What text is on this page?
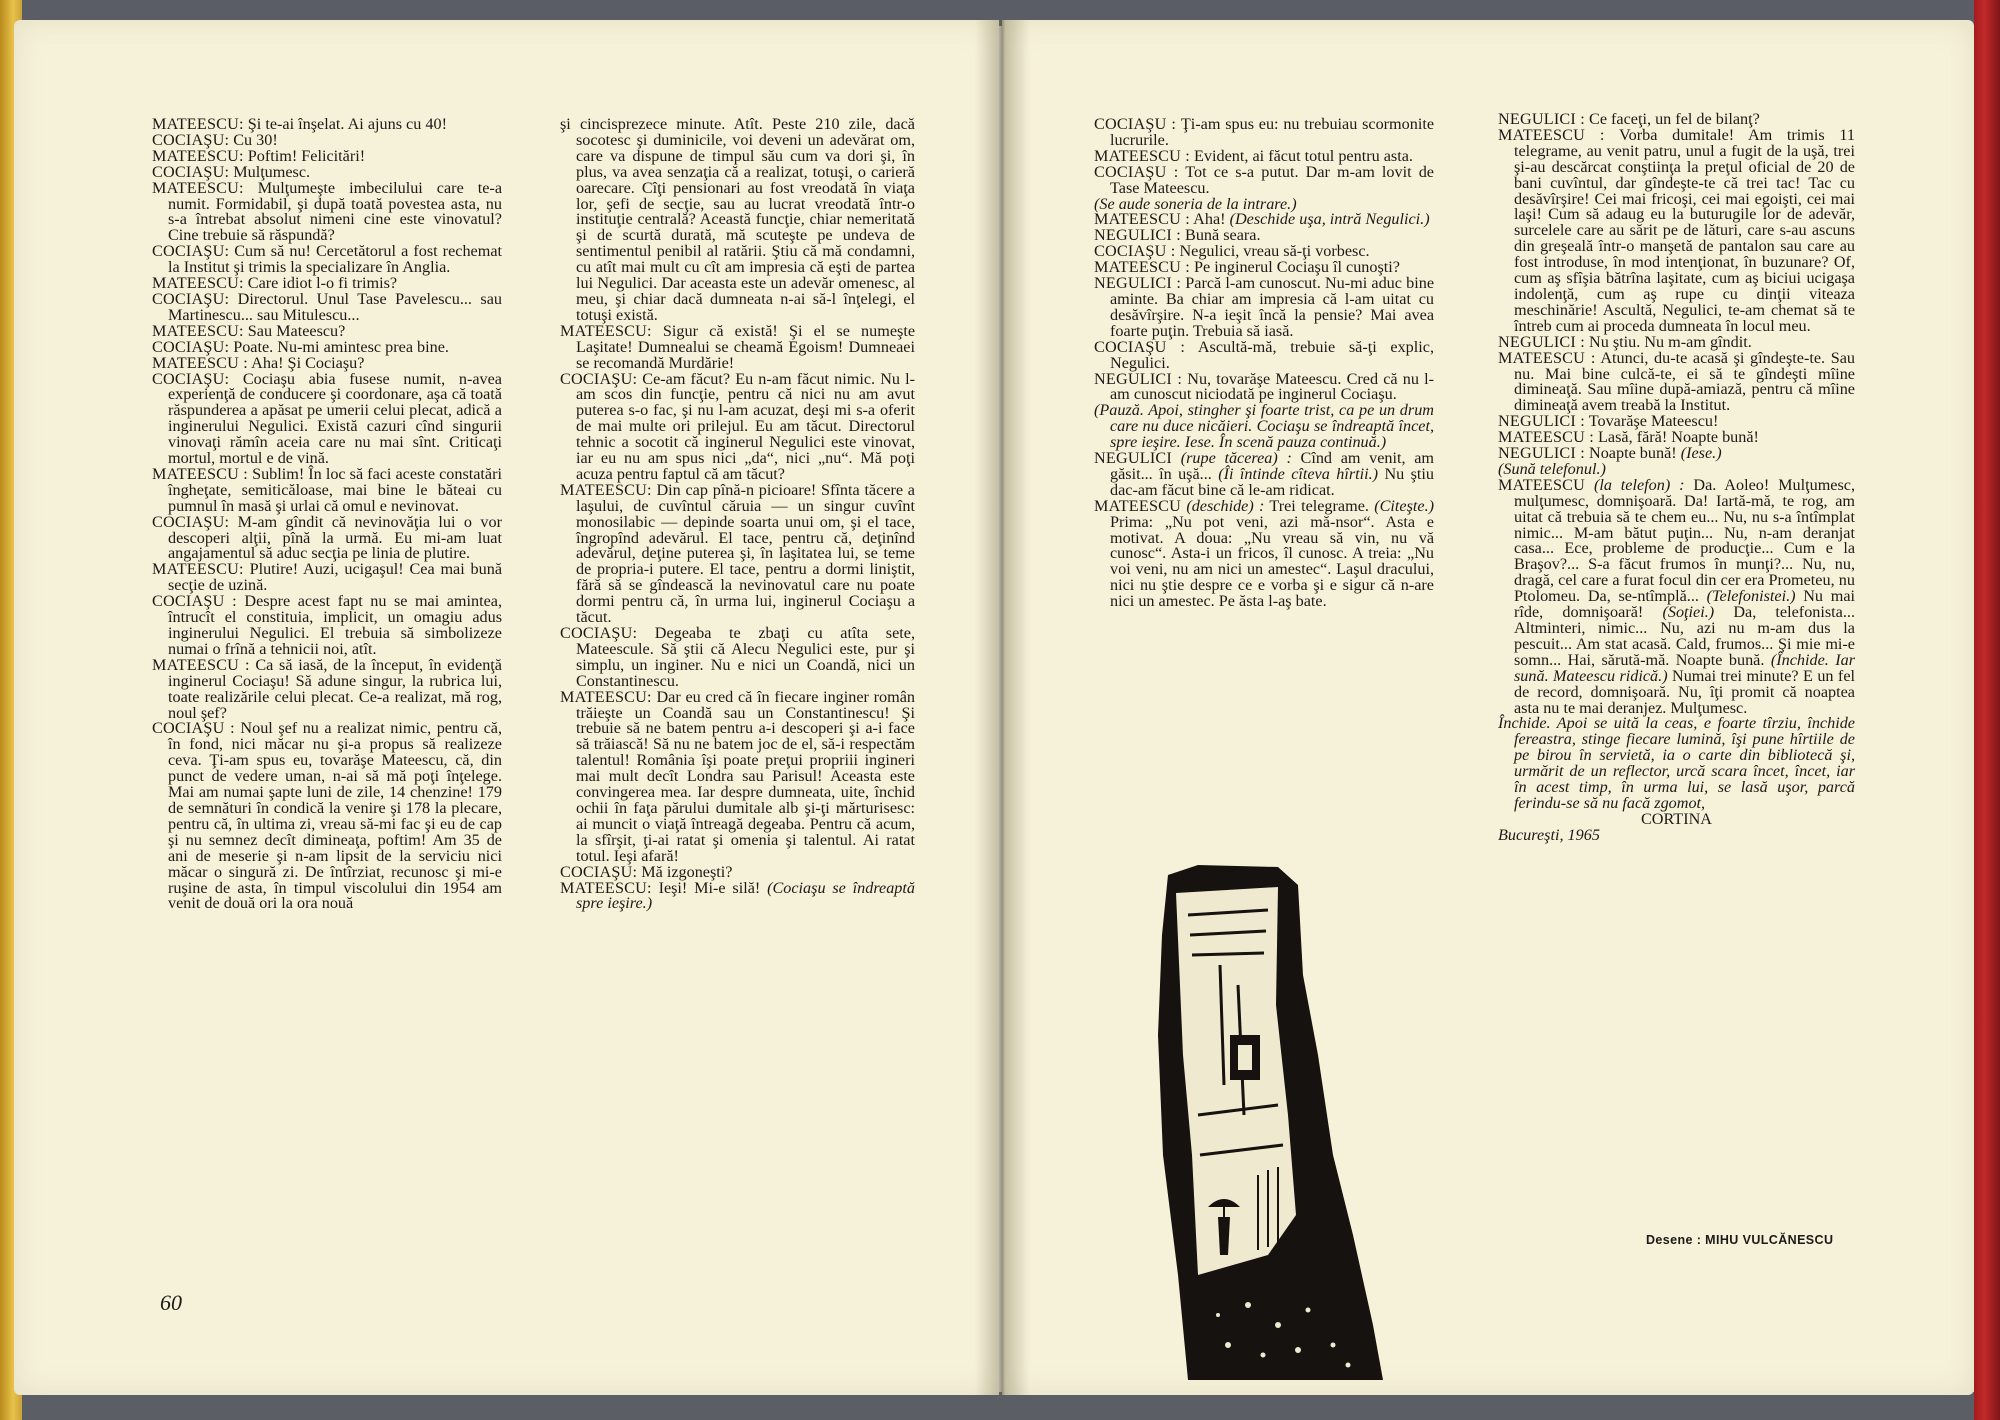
MATEESCU: Şi te-ai înşelat. Ai ajuns cu 40!

COCIAŞU: Cu 30!

MATEESCU: Poftim! Felicitări!

COCIAŞU: Mulţumesc.

MATEESCU: Mulţumeşte imbecilului care te-a numit. Formidabil, şi după toată povestea asta, nu s-a întrebat absolut nimeni cine este vinovatul? Cine trebuie să răspundă?

COCIAŞU: Cum să nu! Cercetătorul a fost rechemat la Institut şi trimis la specializare în Anglia.

MATEESCU: Care idiot l-o fi trimis?

COCIAŞU: Directorul. Unul Tase Pavelescu... sau Martinescu... sau Mitulescu...

MATEESCU: Sau Mateescu?

COCIAŞU: Poate. Nu-mi amintesc prea bine.

MATEESCU : Aha! Şi Cociaşu?

COCIAŞU: Cociaşu abia fusese numit, n-avea experienţă de conducere şi coordonare, aşa că toată răspunderea a apăsat pe umerii celui plecat, adică a inginerului Negulici. Există cazuri cînd singurii vinovaţi rămîn aceia care nu mai sînt. Criticaţi mortul, mortul e de vină.

MATEESCU : Sublim! În loc să faci aceste constatări îngheţate, semiticăloase, mai bine le băteai cu pumnul în masă şi urlai că omul e nevinovat.

COCIAŞU: M-am gîndit că nevinovăţia lui o vor descoperi alţii, pînă la urmă. Eu mi-am luat angajamentul să aduc secţia pe linia de plutire.

MATEESCU: Plutire! Auzi, ucigaşul! Cea mai bună secţie de uzină.

COCIAŞU : Despre acest fapt nu se mai amintea, întrucît el constituia, implicit, un omagiu adus inginerului Negulici. El trebuia să simbolizeze numai o frînă a tehnicii noi, atît.

MATEESCU : Ca să iasă, de la început, în evidenţă inginerul Cociaşu! Să adune singur, la rubrica lui, toate realizările celui plecat. Ce-a realizat, mă rog, noul şef?

COCIAŞU : Noul şef nu a realizat nimic, pentru că, în fond, nici măcar nu şi-a propus să realizeze ceva. Ţi-am spus eu, tovarăşe Mateescu, că, din punct de vedere uman, n-ai să mă poţi înţelege. Mai am numai şapte luni de zile, 14 chenzine! 179 de semnături în condică la venire şi 178 la plecare, pentru că, în ultima zi, vreau să-mi fac şi eu de cap şi nu semnez decît dimineaţa, poftim! Am 35 de ani de meserie şi n-am lipsit de la serviciu nici măcar o singură zi. De întîrziat, recunosc şi mi-e ruşine de asta, în timpul viscolului din 1954 am venit de două ori la ora nouă

şi cincisprezece minute. Atît. Peste 210 zile, dacă socotesc şi duminicile, voi deveni un adevărat om, care va dispune de timpul său cum va dori şi, în plus, va avea senzaţia că a realizat, totuşi, o carieră oarecare. Cîţi pensionari au fost vreodată în viaţa lor, şefi de secţie, sau au lucrat vreodată într-o instituţie centrală? Această funcţie, chiar nemeritată şi de scurtă durată, mă scuteşte pe undeva de sentimentul penibil al ratării. Ştiu că mă condamni, cu atît mai mult cu cît am impresia că eşti de partea lui Negulici. Dar aceasta este un adevăr omenesc, al meu, şi chiar dacă dumneata n-ai să-l înţelegi, el totuşi există.

MATEESCU: Sigur că există! Şi el se numeşte Laşitate! Dumnealui se cheamă Egoism! Dumneaei se recomandă Murdărie!

COCIAŞU: Ce-am făcut? Eu n-am făcut nimic. Nu l-am scos din funcţie, pentru că nici nu am avut puterea s-o fac, şi nu l-am acuzat, deşi mi s-a oferit de mai multe ori prilejul. Eu am tăcut. Directorul tehnic a socotit că inginerul Negulici este vinovat, iar eu nu am spus nici „da“, nici „nu“. Mă poţi acuza pentru faptul că am tăcut?

MATEESCU: Din cap pînă-n picioare! Sfînta tăcere a laşului, de cuvîntul căruia — un singur cuvînt monosilabic — depinde soarta unui om, şi el tace, îngropînd adevărul. El tace, pentru că, deţinînd adevărul, deţine puterea şi, în laşitatea lui, se teme de propria-i putere. El tace, pentru a dormi liniştit, fără să se gîndească la nevinovatul care nu poate dormi pentru că, în urma lui, inginerul Cociaşu a tăcut.

COCIAŞU: Degeaba te zbaţi cu atîta sete, Mateescule. Să ştii că Alecu Negulici este, pur şi simplu, un inginer. Nu e nici un Coandă, nici un Constantinescu.

MATEESCU: Dar eu cred că în fiecare inginer român trăieşte un Coandă sau un Constantinescu! Şi trebuie să ne batem pentru a-i descoperi şi a-i face să trăiască! Să nu ne batem joc de el, să-i respectăm talentul! România îşi poate preţui propriii ingineri mai mult decît Londra sau Parisul! Aceasta este convingerea mea. Iar despre dumneata, uite, închid ochii în faţa părului dumitale alb şi-ţi mărturisesc: ai muncit o viaţă întreagă degeaba. Pentru că acum, la sfîrşit, ţi-ai ratat şi omenia şi talentul. Ai ratat totul. Ieşi afară!

COCIAŞU: Mă izgoneşti?

MATEESCU: Ieşi! Mi-e silă! (Cociaşu se îndreaptă spre ieşire.)

COCIAŞU : Ţi-am spus eu: nu trebuiau scormonite lucrurile.

MATEESCU : Evident, ai făcut totul pentru asta.

COCIAŞU : Tot ce s-a putut. Dar m-am lovit de Tase Mateescu.

(Se aude soneria de la intrare.)

MATEESCU : Aha! (Deschide uşa, intră Negulici.)

NEGULICI : Bună seara.

COCIAŞU : Negulici, vreau să-ţi vorbesc.

MATEESCU : Pe inginerul Cociaşu îl cunoşti?

NEGULICI : Parcă l-am cunoscut. Nu-mi aduc bine aminte. Ba chiar am impresia că l-am uitat cu desăvîrşire. N-a ieşit încă la pensie? Mai avea foarte puţin. Trebuia să iasă.

COCIAŞU : Ascultă-mă, trebuie să-ţi explic, Negulici.

NEGULICI : Nu, tovarăşe Mateescu. Cred că nu l-am cunoscut niciodată pe inginerul Cociaşu.

(Pauză. Apoi, stingher şi foarte trist, ca pe un drum care nu duce nicăieri. Cociaşu se îndreaptă încet, spre ieşire. Iese. În scenă pauza continuă.)

NEGULICI (rupe tăcerea) : Cînd am venit, am găsit... în uşă... (Îi întinde cîteva hîrtii.) Nu ştiu dac-am făcut bine că le-am ridicat.

MATEESCU (deschide) : Trei telegrame. (Citeşte.) Prima: „Nu pot veni, azi mă-nsor“. Asta e motivat. A doua: „Nu vreau să vin, nu vă cunosc“. Asta-i un fricos, îl cunosc. A treia: „Nu voi veni, nu am nici un amestec“. Laşul dracului, nici nu ştie despre ce e vorba şi e sigur că n-are nici un amestec. Pe ăsta l-aş bate.

NEGULICI : Ce faceţi, un fel de bilanţ?

MATEESCU : Vorba dumitale! Am trimis 11 telegrame, au venit patru, unul a fugit de la uşă, trei şi-au descărcat conştiinţa la preţul oficial de 20 de bani cuvîntul, dar gîndeşte-te că trei tac! Tac cu desăvîrşire! Cei mai fricoşi, cei mai egoişti, cei mai laşi! Cum să adaug eu la buturugile lor de adevăr, surcelele care au sărit pe de lături, care s-au ascuns din greşeală într-o manşetă de pantalon sau care au fost introduse, în mod intenţionat, în buzunare? Of, cum aş sfîşia bătrîna laşitate, cum aş biciui ucigaşa indolenţă, cum aş rupe cu dinţii viteaza meschinărie! Ascultă, Negulici, te-am chemat să te întreb cum ai proceda dumneata în locul meu.

NEGULICI : Nu ştiu. Nu m-am gîndit.

MATEESCU : Atunci, du-te acasă şi gîndeşte-te. Sau nu. Mai bine culcă-te, ei să te gîndeşti mîine dimineaţă. Sau mîine după-amiază, pentru că mîine dimineaţă avem treabă la Institut.

NEGULICI : Tovarăşe Mateescu!

MATEESCU : Lasă, fără! Noapte bună!

NEGULICI : Noapte bună! (Iese.)

(Sună telefonul.)

MATEESCU (la telefon) : Da. Aoleo! Mulţumesc, mulţumesc, domnişoară. Da! Iartă-mă, te rog, am uitat că trebuia să te chem eu... Nu, nu s-a întîmplat nimic... M-am bătut puţin... Nu, n-am deranjat casa... Ece, probleme de producţie... Cum e la Braşov?... S-a făcut frumos în munţi?... Nu, nu, dragă, cel care a furat focul din cer era Prometeu, nu Ptolomeu. Da, se-ntîmplă... (Telefonistei.) Nu mai rîde, domnişoară! (Soţiei.) Da, telefonista... Altminteri, nimic... Nu, azi nu m-am dus la pescuit... Am stat acasă. Cald, frumos... Şi mie mi-e somn... Hai, sărută-mă. Noapte bună. (Închide. Iar sună. Mateescu ridică.) Numai trei minute? E un fel de record, domnişoară. Nu, îţi promit că noaptea asta nu te mai deranjez. Mulţumesc.

Închide. Apoi se uită la ceas, e foarte tîrziu, închide fereastra, stinge fiecare lumină, îşi pune hîrtiile de pe birou în servietă, ia o carte din bibliotecă şi, urmărit de un reflector, urcă scara încet, încet, iar în acest timp, în urma lui, se lasă uşor, parcă ferindu-se să nu facă zgomot,

CORTINA

Bucureşti, 1965

60
Desene : MIHU VULCĂNESCU
